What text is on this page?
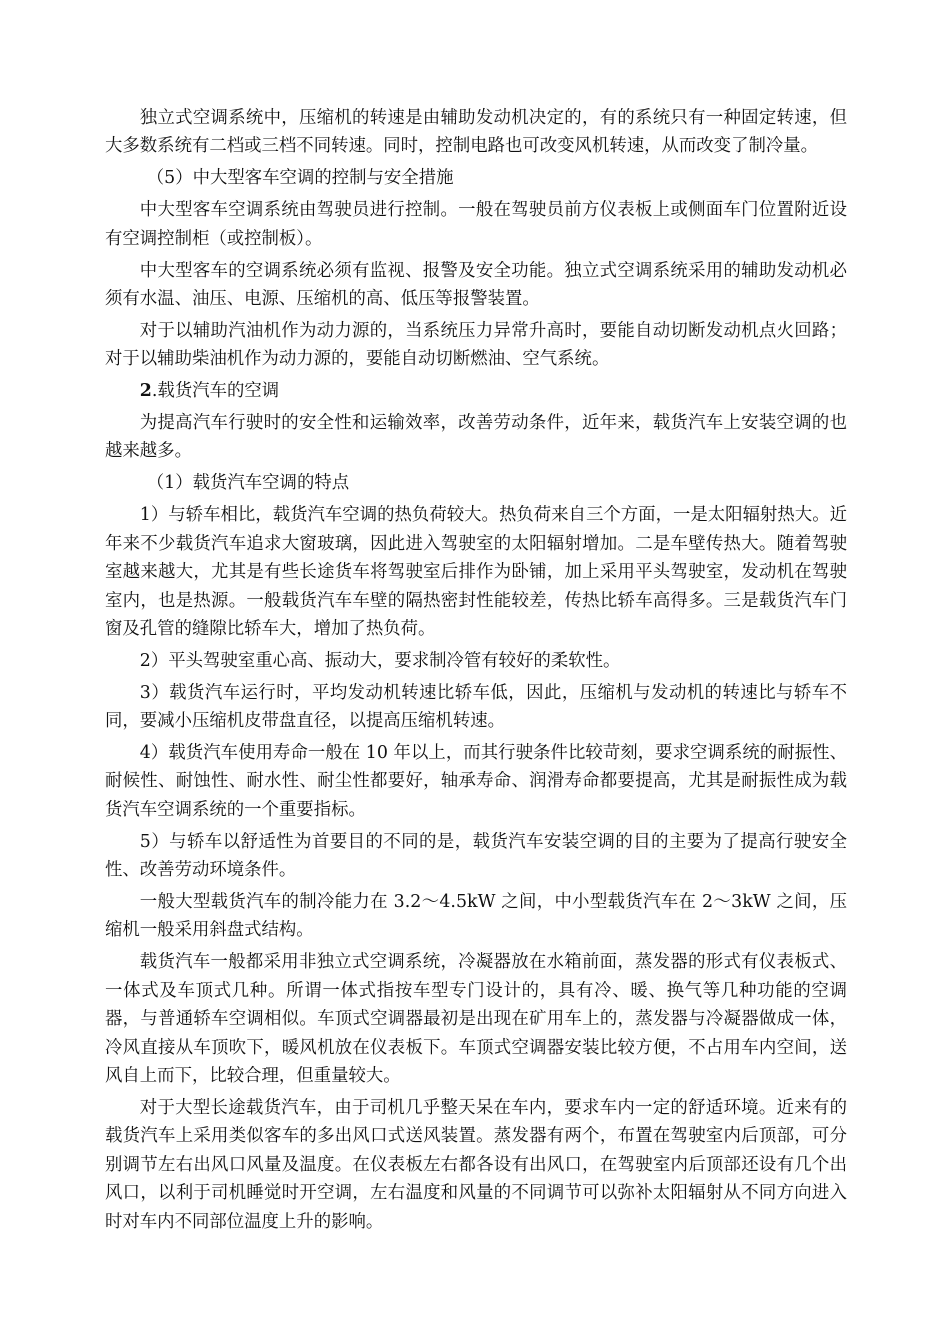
独立式空调系统中，压缩机的转速是由辅助发动机决定的，有的系统只有一种固定转速，但大多数系统有二档或三档不同转速。同时，控制电路也可改变风机转速，从而改变了制冷量。

（5）中大型客车空调的控制与安全措施

中大型客车空调系统由驾驶员进行控制。一般在驾驶员前方仪表板上或侧面车门位置附近设有空调控制柜（或控制板）。

中大型客车的空调系统必须有监视、报警及安全功能。独立式空调系统采用的辅助发动机必须有水温、油压、电源、压缩机的高、低压等报警装置。

对于以辅助汽油机作为动力源的，当系统压力异常升高时，要能自动切断发动机点火回路；对于以辅助柴油机作为动力源的，要能自动切断燃油、空气系统。

2.载货汽车的空调

为提高汽车行驶时的安全性和运输效率，改善劳动条件，近年来，载货汽车上安装空调的也越来越多。

（1）载货汽车空调的特点

1）与轿车相比，载货汽车空调的热负荷较大。热负荷来自三个方面，一是太阳辐射热大。近年来不少载货汽车追求大窗玻璃，因此进入驾驶室的太阳辐射增加。二是车壁传热大。随着驾驶室越来越大，尤其是有些长途货车将驾驶室后排作为卧铺，加上采用平头驾驶室，发动机在驾驶室内，也是热源。一般载货汽车车壁的隔热密封性能较差，传热比轿车高得多。三是载货汽车门窗及孔管的缝隙比轿车大，增加了热负荷。

2）平头驾驶室重心高、振动大，要求制冷管有较好的柔软性。

3）载货汽车运行时，平均发动机转速比轿车低，因此，压缩机与发动机的转速比与轿车不同，要减小压缩机皮带盘直径，以提高压缩机转速。

4）载货汽车使用寿命一般在 10 年以上，而其行驶条件比较苛刻，要求空调系统的耐振性、耐候性、耐蚀性、耐水性、耐尘性都要好，轴承寿命、润滑寿命都要提高，尤其是耐振性成为载货汽车空调系统的一个重要指标。

5）与轿车以舒适性为首要目的不同的是，载货汽车安装空调的目的主要为了提高行驶安全性、改善劳动环境条件。

一般大型载货汽车的制冷能力在 3.2～4.5kW 之间，中小型载货汽车在 2～3kW 之间，压缩机一般采用斜盘式结构。

载货汽车一般都采用非独立式空调系统，冷凝器放在水箱前面，蒸发器的形式有仪表板式、一体式及车顶式几种。所谓一体式指按车型专门设计的，具有冷、暖、换气等几种功能的空调器，与普通轿车空调相似。车顶式空调器最初是出现在矿用车上的，蒸发器与冷凝器做成一体，冷风直接从车顶吹下，暖风机放在仪表板下。车顶式空调器安装比较方便，不占用车内空间，送风自上而下，比较合理，但重量较大。

对于大型长途载货汽车，由于司机几乎整天呆在车内，要求车内一定的舒适环境。近来有的载货汽车上采用类似客车的多出风口式送风装置。蒸发器有两个，布置在驾驶室内后顶部，可分别调节左右出风口风量及温度。在仪表板左右都各设有出风口，在驾驶室内后顶部还设有几个出风口，以利于司机睡觉时开空调，左右温度和风量的不同调节可以弥补太阳辐射从不同方向进入时对车内不同部位温度上升的影响。
